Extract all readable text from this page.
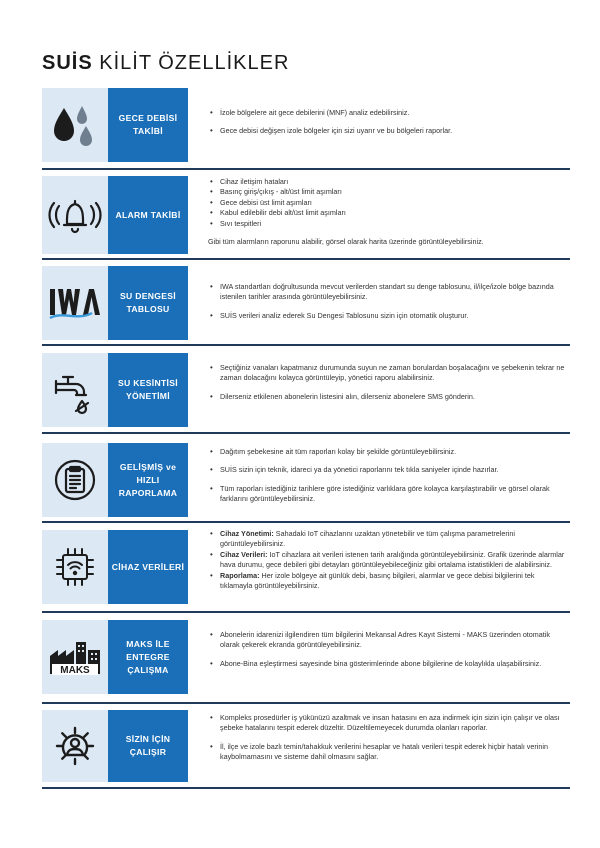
SUİS KİLİT ÖZELLİKLER
GECE DEBİSİ TAKİBİ
• İzole bölgelere ait gece debilerini (MNF) analiz edebilirsiniz.
• Gece debisi değişen izole bölgeler için sizi uyarır ve bu bölgeleri raporlar.
ALARM TAKİBİ
• Cihaz iletişim hataları
• Basınç giriş/çıkış - alt/üst limit aşımları
• Gece debisi üst limit aşımları
• Kabul edilebilir debi alt/üst limit aşımları
• Sıvı tespitleri

Gibi tüm alarmların raporunu alabilir, görsel olarak harita üzerinde görüntüleyebilirsiniz.

SU DENGESİ TABLOSU
• IWA standartları doğrultusunda mevcut verilerden standart su denge tablosunu, il/ilçe/izole bölge bazında istenilen tarihler arasında görüntüleyebilirsiniz.
• SUİS verileri analiz ederek Su Dengesi Tablosunu sizin için otomatik oluşturur.
SU KESİNTİSİ YÖNETİMİ
• Seçtiğiniz vanaları kapatmanız durumunda suyun ne zaman borulardan boşalacağını ve şebekenin tekrar ne zaman dolacağını kolayca görüntüleyip, yönetici raporu alabilirsiniz.
• Dilerseniz etkilenen abonelerin listesini alın, dilerseniz abonelere SMS gönderin.
GELİŞMİŞ ve HIZLI RAPORLAMA
• Dağıtım şebekesine ait tüm raporları kolay bir şekilde görüntüleyebilirsiniz.
• SUİS sizin için teknik, idareci ya da yönetici raporlarını tek tıkla saniyeler içinde hazırlar.
• Tüm raporları istediğiniz tarihlere göre istediğiniz varlıklara göre kolayca karşılaştırabilir ve görsel olarak farklarını görüntüleyebilirsiniz.
CİHAZ VERİLERİ
• Cihaz Yönetimi: Sahadaki IoT cihazlarını uzaktan yönetebilir ve tüm çalışma parametrelerini görüntüleyebilirsiniz.
• Cihaz Verileri: IoT cihazlara ait verileri istenen tarih aralığında görüntüleyebilirsiniz. Grafik üzerinde alarmlar hava durumu, gece debileri gibi detayları görüntüleyebileceğiniz gibi ortalama istatistikleri de alabilirsiniz.
• Raporlama: Her izole bölgeye ait günlük debi, basınç bilgileri, alarmlar ve gece debisi bilgilerini tek tıklamayla görüntüleyebilirsiniz.
MAKS
MAKS İLE ENTEGRE ÇALIŞMA
• Abonelerin idarenizi ilgilendiren tüm bilgilerini Mekansal Adres Kayıt Sistemi - MAKS üzerinden otomatik olarak çekerek ekranda görüntüleyebilirsiniz.
• Abone-Bina eşleştirmesi sayesinde bina gösterimlerinde abone bilgilerine de kolaylıkla ulaşabilirsiniz.
SİZİN İÇİN ÇALIŞIR
• Kompleks prosedürler iş yükünüzü azaltmak ve insan hatasını en aza indirmek için sizin için çalışır ve olası şebeke hatalarını tespit ederek düzeltir. Düzeltilemeyecek durumda olanları raporlar.
• İl, ilçe ve izole bazlı temin/tahakkuk verilerini hesaplar ve hatalı verileri tespit ederek hiçbir hatalı verinin kaybolmamasını ve sisteme dahil olmasını sağlar.
